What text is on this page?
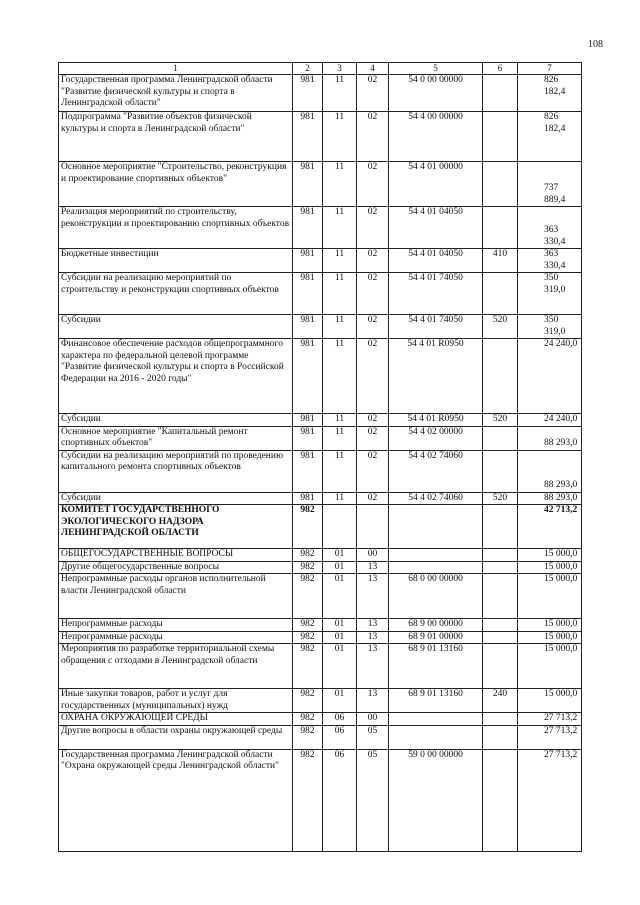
108
1	2	3	4	5	6	7
Государственная программа Ленинградской области "Развитие физической культуры и спорта в Ленинградской области"	981	11	02	54 0 00 00000		826 182,4
Подпрограмма "Развитие объектов физической культуры и спорта в Ленинградской области"	981	11	02	54 4 00 00000		826 182,4
Основное мероприятие "Строительство, реконструкция и проектирование спортивных объектов"	981	11	02	54 4 01 00000		737 889,4
Реализация мероприятий по строительству, реконструкции и проектированию спортивных объектов	981	11	02	54 4 01 04050		363 330,4
Бюджетные инвестиции	981	11	02	54 4 01 04050	410	363 330,4
Субсидии на реализацию мероприятий по строительству и реконструкции спортивных объектов	981	11	02	54 4 01 74050		350 319,0
Субсидии	981	11	02	54 4 01 74050	520	350 319,0
Финансовое обеспечение расходов общепрограммного характера по федеральной целевой программе "Развитие физической культуры и спорта в Российской Федерации на 2016 - 2020 годы"	981	11	02	54 4 01 R0950		24 240,0
Субсидии	981	11	02	54 4 01 R0950	520	24 240,0
Основное мероприятие "Капитальный ремонт спортивных объектов"	981	11	02	54 4 02 00000		88 293,0
Субсидии на реализацию мероприятий по проведению капитального ремонта спортивных объектов	981	11	02	54 4 02 74060		88 293,0
Субсидии	981	11	02	54 4 02 74060	520	88 293,0
КОМИТЕТ ГОСУДАРСТВЕННОГО ЭКОЛОГИЧЕСКОГО НАДЗОРА ЛЕНИНГРАДСКОЙ ОБЛАСТИ	982					42 713,2
ОБЩЕГОСУДАРСТВЕННЫЕ ВОПРОСЫ	982	01	00			15 000,0
Другие общегосударственные вопросы	982	01	13			15 000,0
Непрограммные расходы органов исполнительной власти Ленинградской области	982	01	13	68 0 00 00000		15 000,0
Непрограммные расходы	982	01	13	68 9 00 00000		15 000,0
Непрограммные расходы	982	01	13	68 9 01 00000		15 000,0
Мероприятия по разработке территориальной схемы обращения с отходами в Ленинградской области	982	01	13	68 9 01 13160		15 000,0
Иные закупки товаров, работ и услуг для государственных (муниципальных) нужд	982	01	13	68 9 01 13160	240	15 000,0
ОХРАНА ОКРУЖАЮЩЕЙ СРЕДЫ	982	06	00			27 713,2
Другие вопросы в области охраны окружающей среды	982	06	05			27 713,2
Государственная программа Ленинградской области "Охрана окружающей среды Ленинградской области"	982	06	05	59 0 00 00000		27 713,2
